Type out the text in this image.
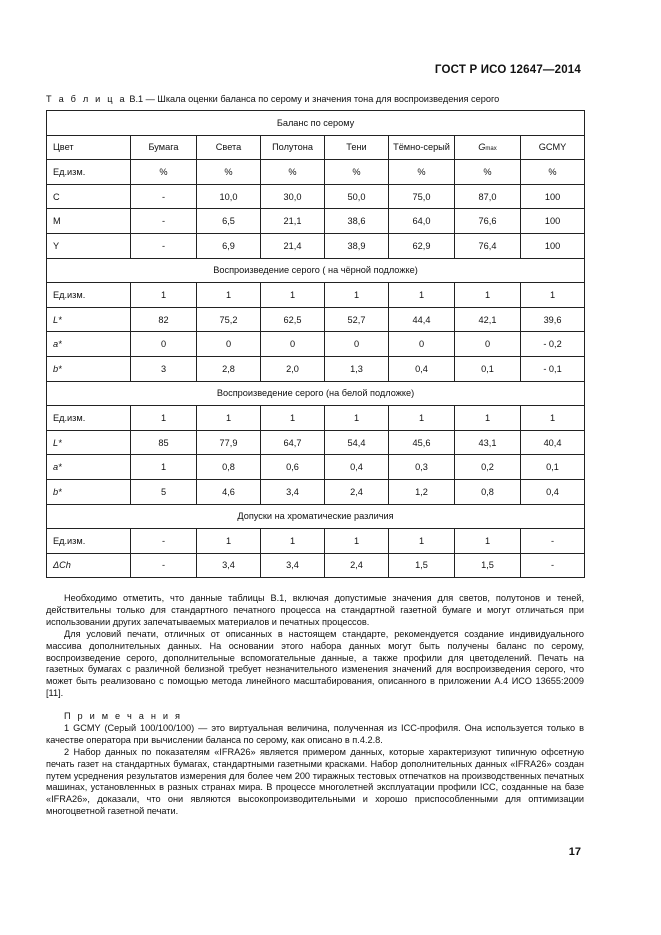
ГОСТ Р ИСО 12647—2014
Т а б л и ц а В.1 — Шкала оценки баланса по серому и значения тона для воспроизведения серого
Баланс по серому							
Цвет	Бумага	Света	Полутона	Тени	Тёмно-серый	Gmax	GCMY
Ед.изм.	%	%	%	%	%	%	%
C	-	10,0	30,0	50,0	75,0	87,0	100
M	-	6,5	21,1	38,6	64,0	76,6	100
Y	-	6,9	21,4	38,9	62,9	76,4	100
Воспроизведение серого ( на чёрной подложке)							
Ед.изм.	1	1	1	1	1	1	1
L*	82	75,2	62,5	52,7	44,4	42,1	39,6
a*	0	0	0	0	0	0	- 0,2
b*	3	2,8	2,0	1,3	0,4	0,1	- 0,1
Воспроизведение серого (на белой подложке)							
Ед.изм.	1	1	1	1	1	1	1
L*	85	77,9	64,7	54,4	45,6	43,1	40,4
a*	1	0,8	0,6	0,4	0,3	0,2	0,1
b*	5	4,6	3,4	2,4	1,2	0,8	0,4
Допуски на хроматические различия							
Ед.изм.	-	1	1	1	1	1	-
ΔCh	-	3,4	3,4	2,4	1,5	1,5	-

Необходимо отметить, что данные таблицы В.1, включая допустимые значения для светов, полутонов и теней, действительны только для стандартного печатного процесса на стандартной газетной бумаге и могут отличаться при использовании других запечатываемых материалов и печатных процессов.

Для условий печати, отличных от описанных в настоящем стандарте, рекомендуется создание индивидуального массива дополнительных данных. На основании этого набора данных могут быть получены баланс по серому, воспроизведение серого, дополнительные вспомогательные данные, а также профили для цветоделений. Печать на газетных бумагах с различной белизной требует незначительного изменения значений для воспроизведения серого, что может быть реализовано с помощью метода линейного масштабирования, описанного в приложении А.4 ИСО 13655:2009 [11].

П р и м е ч а н и я

1 GCMY (Серый 100/100/100) — это виртуальная величина, полученная из ICC-профиля. Она используется только в качестве оператора при вычислении баланса по серому, как описано в п.4.2.8.

2 Набор данных по показателям «IFRA26» является примером данных, которые характеризуют типичную офсетную печать газет на стандартных бумагах, стандартными газетными красками. Набор дополнительных данных «IFRA26» создан путем усреднения результатов измерения для более чем 200 тиражных тестовых отпечатков на производственных печатных машинах, установленных в разных странах мира. В процессе многолетней эксплуатации профили ICC, созданные на базе «IFRA26», доказали, что они являются высокопроизводительными и хорошо приспособленными для оптимизации многоцветной газетной печати.

17
